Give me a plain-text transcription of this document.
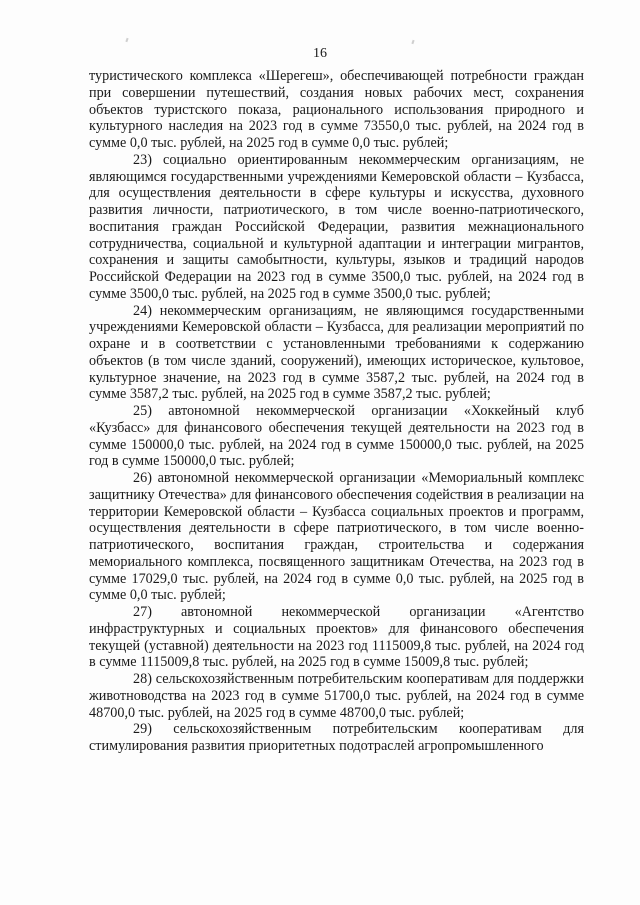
16

туристического комплекса «Шерегеш», обеспечивающей потребности граждан при совершении путешествий, создания новых рабочих мест, сохранения объектов туристского показа, рационального использования природного и культурного наследия на 2023 год в сумме 73550,0 тыс. рублей, на 2024 год в сумме 0,0 тыс. рублей, на 2025 год в сумме 0,0 тыс. рублей;

23) социально ориентированным некоммерческим организациям, не являющимся государственными учреждениями Кемеровской области – Кузбасса, для осуществления деятельности в сфере культуры и искусства, духовного развития личности, патриотического, в том числе военно-патриотического, воспитания граждан Российской Федерации, развития межнационального сотрудничества, социальной и культурной адаптации и интеграции мигрантов, сохранения и защиты самобытности, культуры, языков и традиций народов Российской Федерации на 2023 год в сумме 3500,0 тыс. рублей, на 2024 год в сумме 3500,0 тыс. рублей, на 2025 год в сумме 3500,0 тыс. рублей;

24) некоммерческим организациям, не являющимся государственными учреждениями Кемеровской области – Кузбасса, для реализации мероприятий по охране и в соответствии с установленными требованиями к содержанию объектов (в том числе зданий, сооружений), имеющих историческое, культовое, культурное значение, на 2023 год в сумме 3587,2 тыс. рублей, на 2024 год в сумме 3587,2 тыс. рублей, на 2025 год в сумме 3587,2 тыс. рублей;

25) автономной некоммерческой организации «Хоккейный клуб «Кузбасс» для финансового обеспечения текущей деятельности на 2023 год в сумме 150000,0 тыс. рублей, на 2024 год в сумме 150000,0 тыс. рублей, на 2025 год в сумме 150000,0 тыс. рублей;

26) автономной некоммерческой организации «Мемориальный комплекс защитнику Отечества» для финансового обеспечения содействия в реализации на территории Кемеровской области – Кузбасса социальных проектов и программ, осуществления деятельности в сфере патриотического, в том числе военно-патриотического, воспитания граждан, строительства и содержания мемориального комплекса, посвященного защитникам Отечества, на 2023 год в сумме 17029,0 тыс. рублей, на 2024 год в сумме 0,0 тыс. рублей, на 2025 год в сумме 0,0 тыс. рублей;

27) автономной некоммерческой организации «Агентство инфраструктурных и социальных проектов» для финансового обеспечения текущей (уставной) деятельности на 2023 год 1115009,8 тыс. рублей, на 2024 год в сумме 1115009,8 тыс. рублей, на 2025 год в сумме 15009,8 тыс. рублей;

28) сельскохозяйственным потребительским кооперативам для поддержки животноводства на 2023 год в сумме 51700,0 тыс. рублей, на 2024 год в сумме 48700,0 тыс. рублей, на 2025 год в сумме 48700,0 тыс. рублей;

29) сельскохозяйственным потребительским кооперативам для стимулирования развития приоритетных подотраслей агропромышленного
